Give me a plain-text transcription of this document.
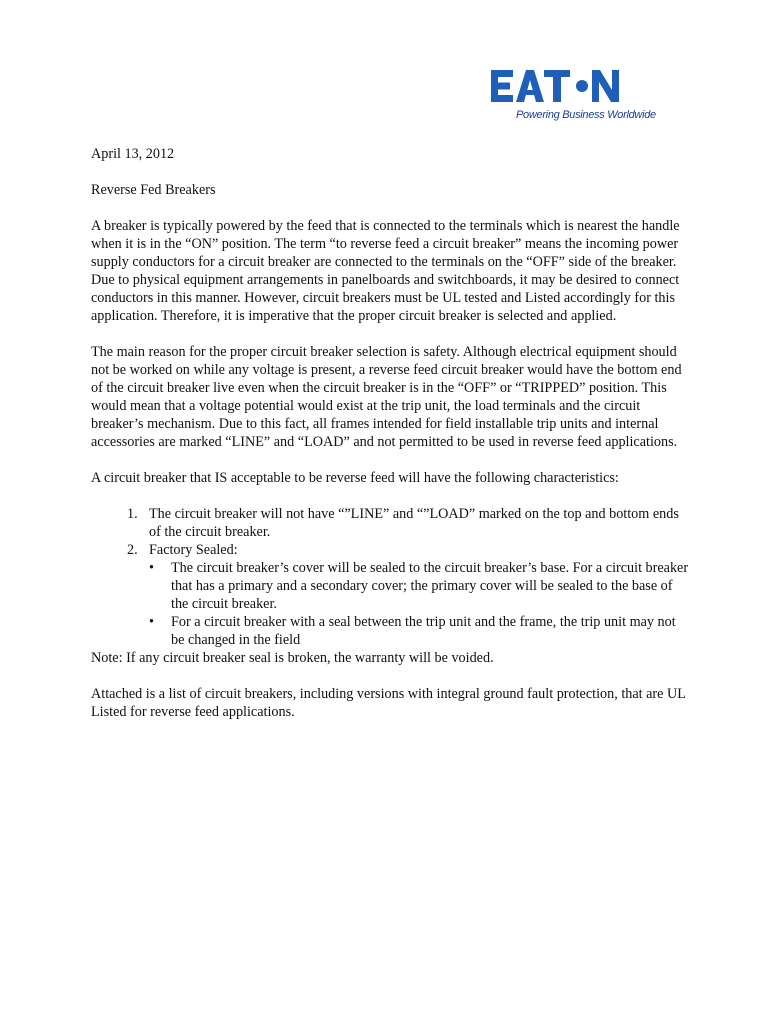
Powering Business Worldwide

April 13, 2012

Reverse Fed Breakers

A breaker is typically powered by the feed that is connected to the terminals which is nearest the handle when it is in the “ON” position. The term “to reverse feed a circuit breaker” means the incoming power supply conductors for a circuit breaker are connected to the terminals on the “OFF” side of the breaker. Due to physical equipment arrangements in panelboards and switchboards, it may be desired to connect conductors in this manner. However, circuit breakers must be UL tested and Listed accordingly for this application. Therefore, it is imperative that the proper circuit breaker is selected and applied.

The main reason for the proper circuit breaker selection is safety. Although electrical equipment should not be worked on while any voltage is present, a reverse feed circuit breaker would have the bottom end of the circuit breaker live even when the circuit breaker is in the “OFF” or “TRIPPED” position. This would mean that a voltage potential would exist at the trip unit, the load terminals and the circuit breaker’s mechanism. Due to this fact, all frames intended for field installable trip units and internal accessories are marked “LINE” and “LOAD” and not permitted to be used in reverse feed applications.

A circuit breaker that IS acceptable to be reverse feed will have the following characteristics:

The circuit breaker will not have “”LINE” and “”LOAD” marked on the top and bottom ends of the circuit breaker.
Factory Sealed:
• The circuit breaker’s cover will be sealed to the circuit breaker’s base. For a circuit breaker that has a primary and a secondary cover; the primary cover will be sealed to the base of the circuit breaker.
• For a circuit breaker with a seal between the trip unit and the frame, the trip unit may not be changed in the field

Note: If any circuit breaker seal is broken, the warranty will be voided.

Attached is a list of circuit breakers, including versions with integral ground fault protection, that are UL Listed for reverse feed applications.
